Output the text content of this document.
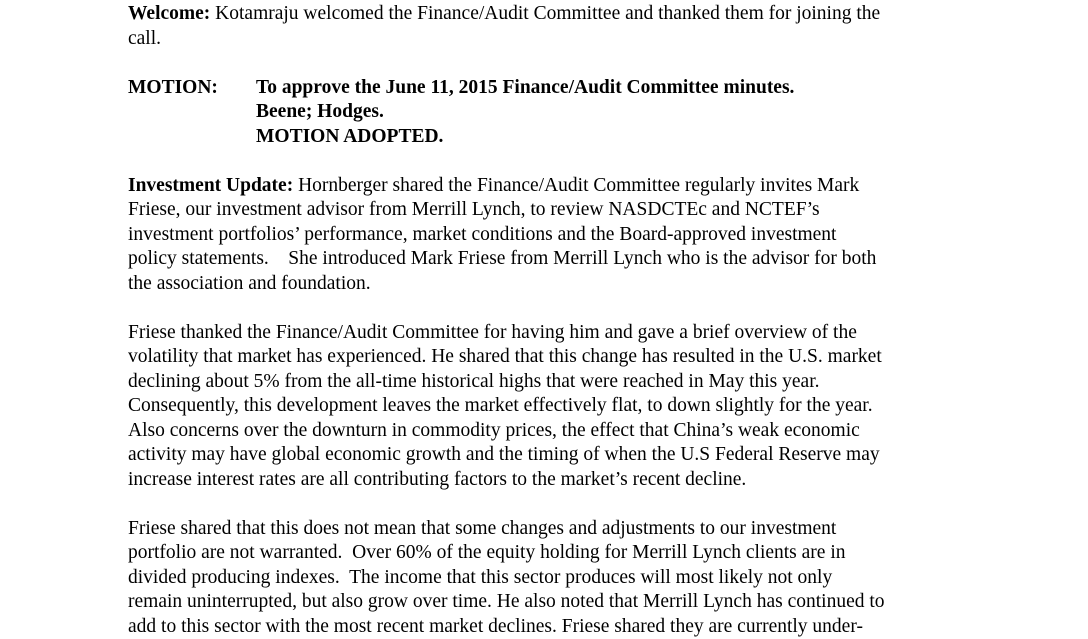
Welcome: Kotamraju welcomed the Finance/Audit Committee and thanked them for joining the
call.
MOTION: To approve the June 11, 2015 Finance/Audit Committee minutes.
Beene; Hodges.
MOTION ADOPTED.
Investment Update: Hornberger shared the Finance/Audit Committee regularly invites Mark
Friese, our investment advisor from Merrill Lynch, to review NASDCTEc and NCTEF’s
investment portfolios’ performance, market conditions and the Board-approved investment
policy statements.    She introduced Mark Friese from Merrill Lynch who is the advisor for both
the association and foundation.
Friese thanked the Finance/Audit Committee for having him and gave a brief overview of the
volatility that market has experienced. He shared that this change has resulted in the U.S. market
declining about 5% from the all-time historical highs that were reached in May this year.
Consequently, this development leaves the market effectively flat, to down slightly for the year.
Also concerns over the downturn in commodity prices, the effect that China’s weak economic
activity may have global economic growth and the timing of when the U.S Federal Reserve may
increase interest rates are all contributing factors to the market’s recent decline.
Friese shared that this does not mean that some changes and adjustments to our investment
portfolio are not warranted.  Over 60% of the equity holding for Merrill Lynch clients are in
divided producing indexes.  The income that this sector produces will most likely not only
remain uninterrupted, but also grow over time. He also noted that Merrill Lynch has continued to
add to this sector with the most recent market declines. Friese shared they are currently under-
